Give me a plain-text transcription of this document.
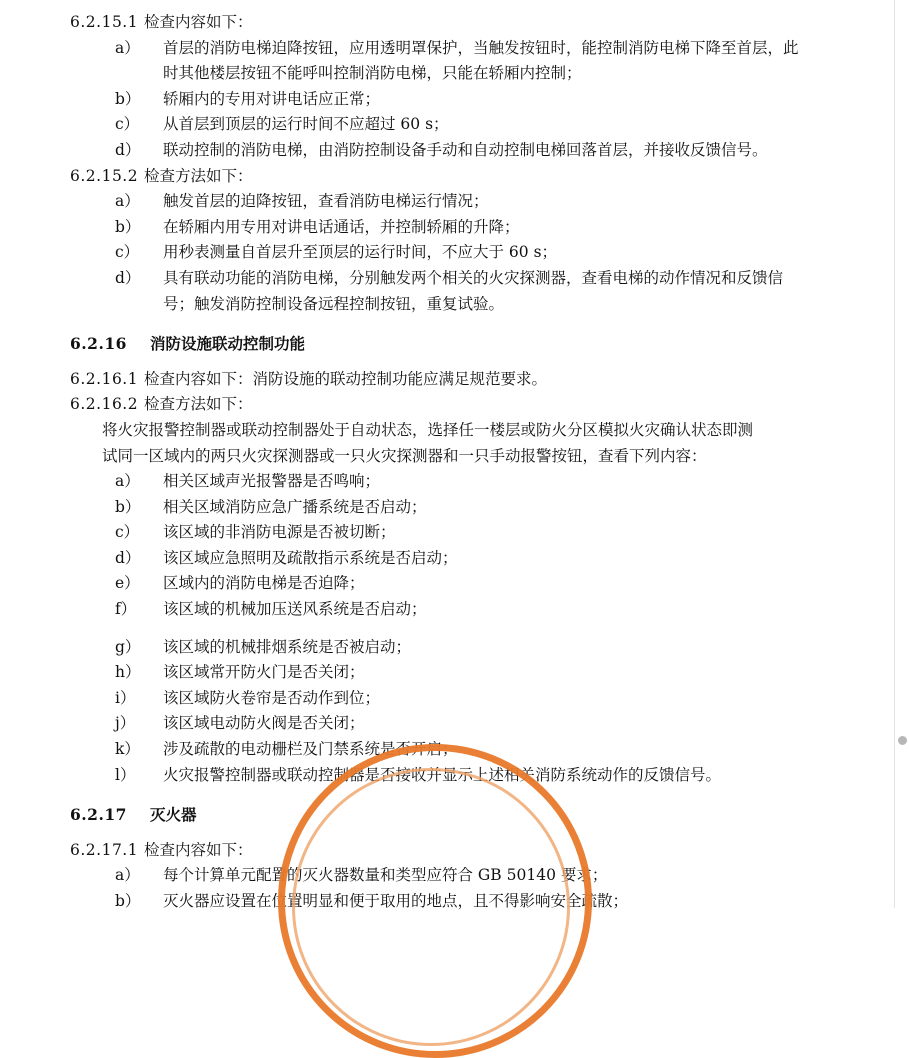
6.2.15.1 检查内容如下：
a）	首层的消防电梯迫降按钮，应用透明罩保护，当触发按钮时，能控制消防电梯下降至首层，此
时其他楼层按钮不能呼叫控制消防电梯，只能在轿厢内控制；
b）	轿厢内的专用对讲电话应正常；
c）	从首层到顶层的运行时间不应超过 60 s；
d）	联动控制的消防电梯，由消防控制设备手动和自动控制电梯回落首层，并接收反馈信号。
6.2.15.2 检查方法如下：
a）	触发首层的迫降按钮，查看消防电梯运行情况；
b）	在轿厢内用专用对讲电话通话，并控制轿厢的升降；
c）	用秒表测量自首层升至顶层的运行时间，不应大于 60 s；
d）	具有联动功能的消防电梯，分别触发两个相关的火灾探测器，查看电梯的动作情况和反馈信
号；触发消防控制设备远程控制按钮，重复试验。
6.2.16 消防设施联动控制功能
6.2.16.1 检查内容如下：消防设施的联动控制功能应满足规范要求。
6.2.16.2 检查方法如下：
将火灾报警控制器或联动控制器处于自动状态，选择任一楼层或防火分区模拟火灾确认状态即测
试同一区域内的两只火灾探测器或一只火灾探测器和一只手动报警按钮，查看下列内容：
a）	相关区域声光报警器是否鸣响；
b）	相关区域消防应急广播系统是否启动；
c）	该区域的非消防电源是否被切断；
d）	该区域应急照明及疏散指示系统是否启动；
e）	区域内的消防电梯是否迫降；
f）	该区域的机械加压送风系统是否启动；
g）	该区域的机械排烟系统是否被启动；
h）	该区域常开防火门是否关闭；
i）	该区域防火卷帘是否动作到位；
j）	该区域电动防火阀是否关闭；
k）	涉及疏散的电动栅栏及门禁系统是否开启；
l）	火灾报警控制器或联动控制器是否接收并显示上述相关消防系统动作的反馈信号。
6.2.17 灭火器
6.2.17.1 检查内容如下：
a）	每个计算单元配置的灭火器数量和类型应符合 GB 50140 要求；
b）	灭火器应设置在位置明显和便于取用的地点，且不得影响安全疏散；
